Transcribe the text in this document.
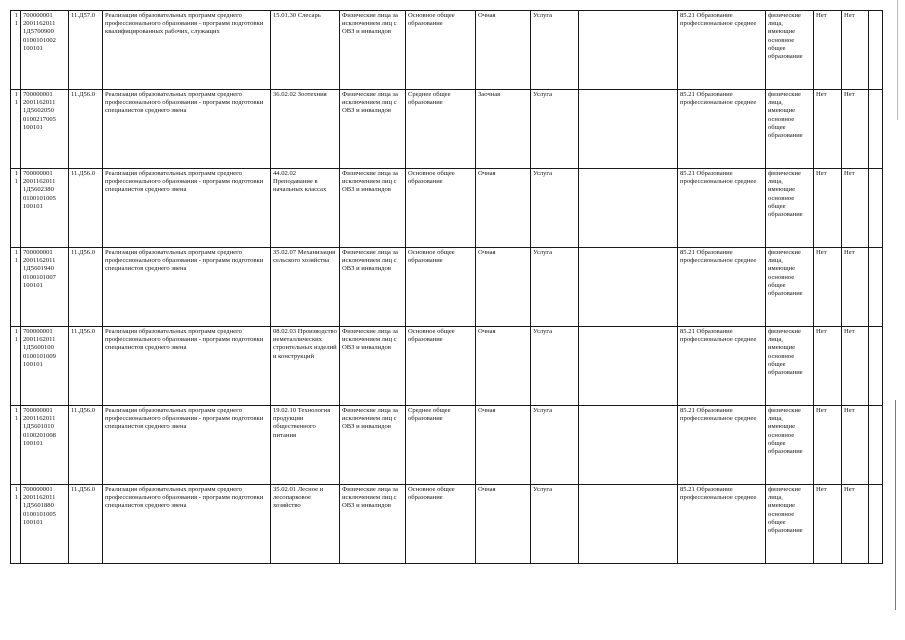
11	700000001
2001162011
1Д5700900
0100101002
100101	11.Д57.0	Реализация образовательных программ среднего профессионального образования - программ подготовки квалифицированных рабочих, служащих	15.01.30 Слесарь	Физические лица за исключением лиц с ОВЗ и инвалидов	Основное общее образование	Очная	Услуга		85.21 Образование профессиональное среднее	физические лица, имеющие основное общее образование	Нет	Нет	
11	700000001
2001162011
1Д5602050
0100217005
100101	11.Д56.0	Реализация образовательных программ среднего профессионального образования - программ подготовки специалистов среднего звена	36.02.02 Зоотехния	Физические лица за исключением лиц с ОВЗ и инвалидов	Среднее общее образование	Заочная	Услуга		85.21 Образование профессиональное среднее	физические лица, имеющие основное общее образование	Нет	Нет	
11	700000001
2001162011
1Д5602380
0100101005
100101	11.Д56.0	Реализация образовательных программ среднего профессионального образования - программ подготовки специалистов среднего звена	44.02.02 Преподавание в начальных классах	Физические лица за исключением лиц с ОВЗ и инвалидов	Основное общее образование	Очная	Услуга		85.21 Образование профессиональное среднее	физические лица, имеющие основное общее образование	Нет	Нет	
11	700000001
2001162011
1Д5601940
0100101007
100101	11.Д56.0	Реализация образовательных программ среднего профессионального образования - программ подготовки специалистов среднего звена	35.02.07 Механизация сельского хозяйства	Физические лица за исключением лиц с ОВЗ и инвалидов	Основное общее образование	Очная	Услуга		85.21 Образование профессиональное среднее	физические лица, имеющие основное общее образование	Нет	Нет	
11	700000001
2001162011
1Д5600100
0100101009
100101	11.Д56.0	Реализация образовательных программ среднего профессионального образования - программ подготовки специалистов среднего звена	08.02.03 Производство неметаллических строительных изделий и конструкций	Физические лица за исключением лиц с ОВЗ и инвалидов	Основное общее образование	Очная	Услуга		85.21 Образование профессиональное среднее	физические лица, имеющие основное общее образование	Нет	Нет	
11	700000001
2001162011
1Д5601010
0100201008
100101	11.Д56.0	Реализация образовательных программ среднего профессионального образования - программ подготовки специалистов среднего звена	19.02.10 Технология продукции общественного питания	Физические лица за исключением лиц с ОВЗ и инвалидов	Среднее общее образование	Очная	Услуга		85.21 Образование профессиональное среднее	физические лица, имеющие основное общее образование	Нет	Нет	
11	700000001
2001162011
1Д5601880
0100101005
100101	11.Д56.0	Реализация образовательных программ среднего профессионального образования - программ подготовки специалистов среднего звена	35.02.01 Лесное и лесопарковое хозяйство	Физические лица за исключением лиц с ОВЗ и инвалидов	Основное общее образование	Очная	Услуга		85.21 Образование профессиональное среднее	физические лица, имеющие основное общее образование	Нет	Нет	
